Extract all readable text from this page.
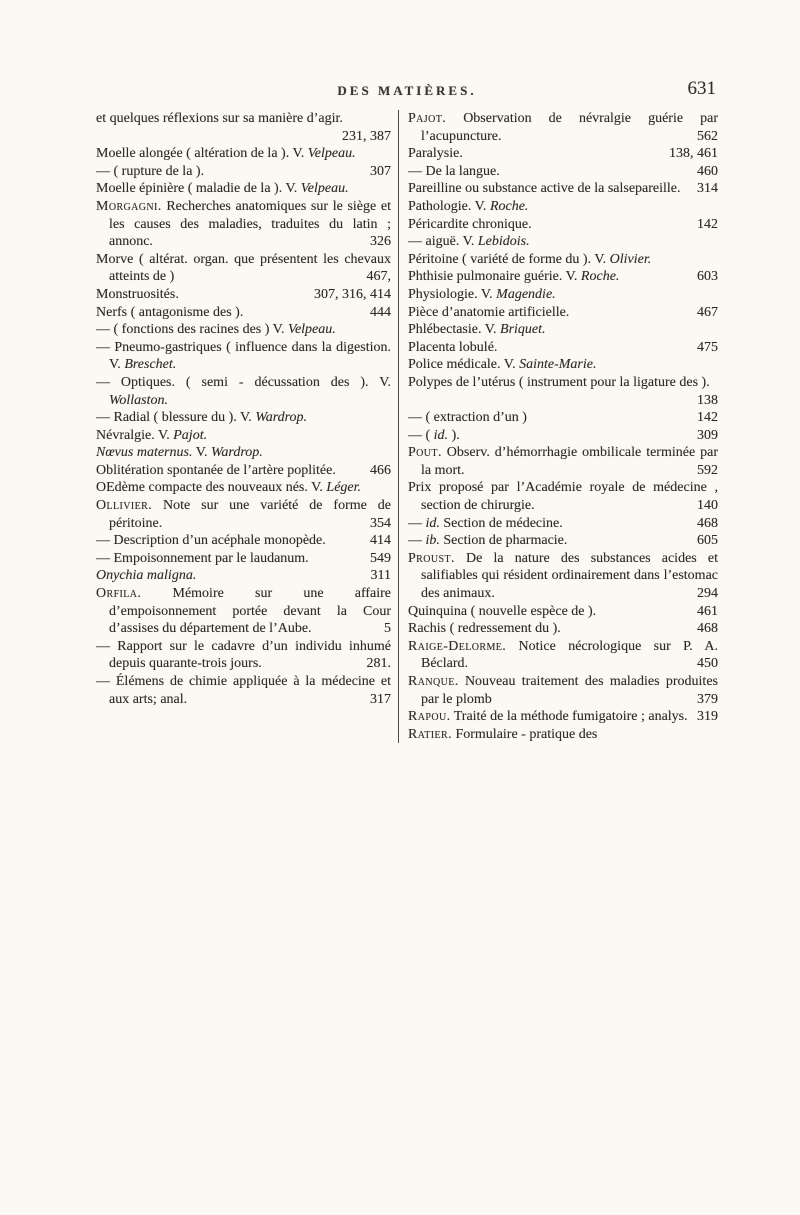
DES MATIÈRES.	631
et quelques réflexions sur sa manière d’agir.
231, 387
Moelle alongée ( altération de la ). V. Velpeau.
— ( rupture de la ).	307
Moelle épinière ( maladie de la ). V. Velpeau.
Morgagni. Recherches anatomiques sur le siège et les causes des maladies, traduites du latin ; annonc.	326
Morve ( altérat. organ. que présentent les chevaux atteints de )	467,
Monstruosités.	307, 316, 414
Nerfs ( antagonisme des ).	444
— ( fonctions des racines des ) V. Velpeau.
— Pneumo-gastriques ( influence dans la digestion. V. Breschet.
— Optiques. ( semi - décussation des ). V. Wollaston.
— Radial ( blessure du ). V. Wardrop.
Névralgie. V. Pajot.
Nœvus maternus. V. Wardrop.
Oblitération spontanée de l’artère poplitée.	466
OEdème compacte des nouveaux nés. V. Léger.
Ollivier. Note sur une variété de forme de péritoine.	354
— Description d’un acéphale monopède.	414
— Empoisonnement par le laudanum.	549
Onychia maligna.	311
Orfila. Mémoire sur une affaire d’empoisonnement portée devant la Cour d’assises du département de l’Aube.	5
— Rapport sur le cadavre d’un individu inhumé depuis quarante-trois jours.	281.
— Élémens de chimie appliquée à la médecine et aux arts; anal.	317
Pajot. Observation de névralgie guérie par l’acupuncture.	562
Paralysie.	138, 461
— De la langue.	460
Pareilline ou substance active de la salsepareille.	314
Pathologie. V. Roche.
Péricardite chronique.	142
— aiguë. V. Lebidois.
Péritoine ( variété de forme du ). V. Olivier.
Phthisie pulmonaire guérie. V. Roche.	603
Physiologie. V. Magendie.
Pièce d’anatomie artificielle.	467
Phlébectasie. V. Briquet.
Placenta lobulé.	475
Police médicale. V. Sainte-Marie.
Polypes de l’utérus ( instrument pour la ligature des ).
138
— ( extraction d’un )	142
— ( id. ).	309
Pout. Observ. d’hémorrhagie ombilicale terminée par la mort.	592
Prix proposé par l’Académie royale de médecine , section de chirurgie.	140
— id. Section de médecine.	468
— ib. Section de pharmacie.	605
Proust. De la nature des substances acides et salifiables qui résident ordinairement dans l’estomac des animaux.	294
Quinquina ( nouvelle espèce de ).	461
Rachis ( redressement du ).	468
Raige-Delorme. Notice nécrologique sur P. A. Béclard.	450
Ranque. Nouveau traitement des maladies produites par le plomb	379
Rapou. Traité de la méthode fumigatoire ; analys. 319
Ratier. Formulaire - pratique des
